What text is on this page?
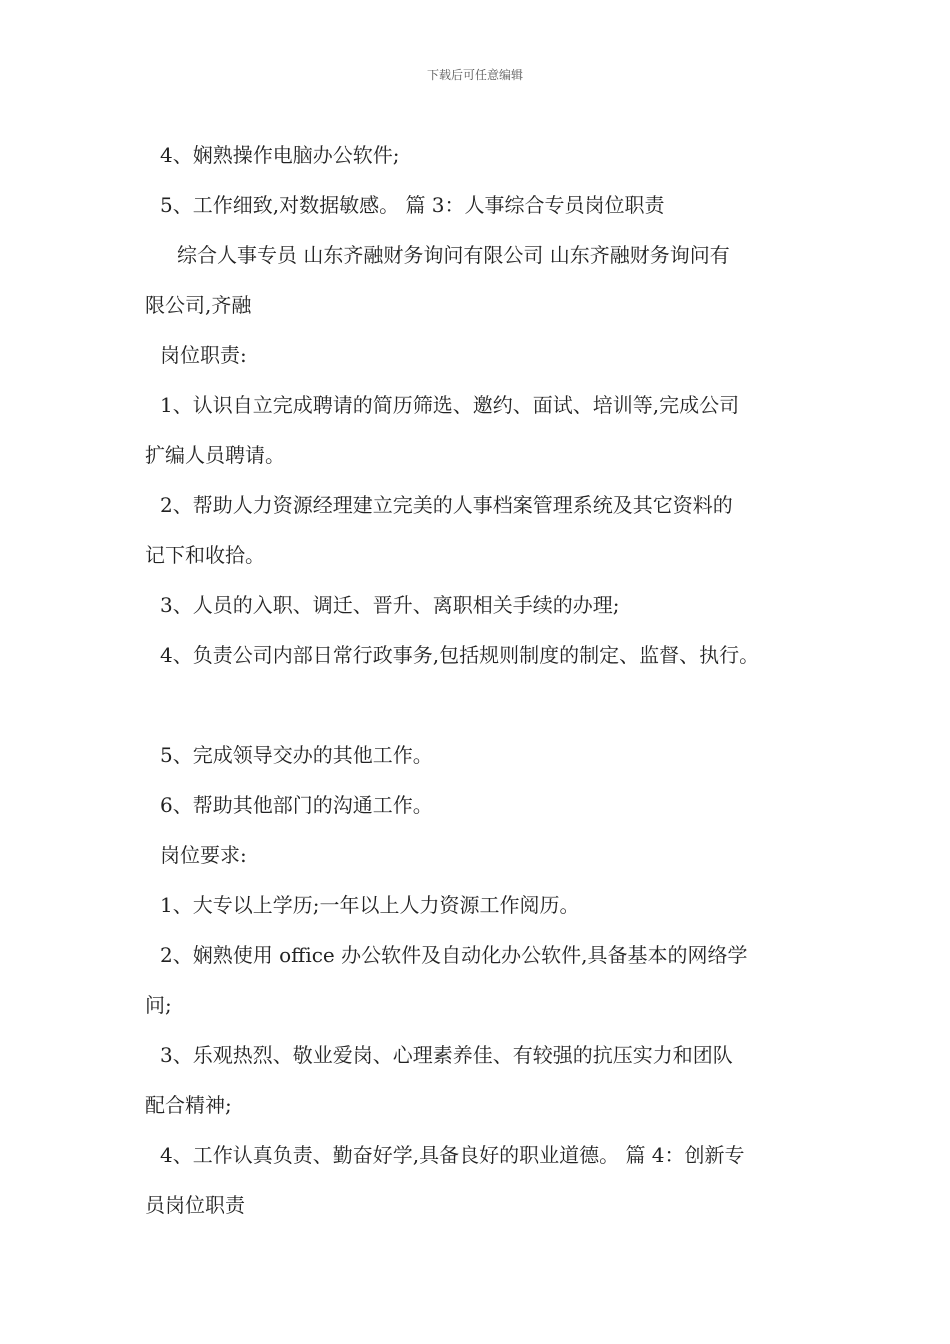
下载后可任意编辑
4、娴熟操作电脑办公软件;
5、工作细致,对数据敏感。 篇 3：人事综合专员岗位职责
综合人事专员 山东齐融财务询问有限公司 山东齐融财务询问有
限公司,齐融
岗位职责:
1、认识自立完成聘请的简历筛选、邀约、面试、培训等,完成公司
扩编人员聘请。
2、帮助人力资源经理建立完美的人事档案管理系统及其它资料的
记下和收拾。
3、人员的入职、调迁、晋升、离职相关手续的办理;
4、负责公司内部日常行政事务,包括规则制度的制定、监督、执行。
5、完成领导交办的其他工作。
6、帮助其他部门的沟通工作。
岗位要求:
1、大专以上学历;一年以上人力资源工作阅历。
2、娴熟使用 office 办公软件及自动化办公软件,具备基本的网络学
问;
3、乐观热烈、敬业爱岗、心理素养佳、有较强的抗压实力和团队
配合精神;
4、工作认真负责、勤奋好学,具备良好的职业道德。 篇 4：创新专
员岗位职责
